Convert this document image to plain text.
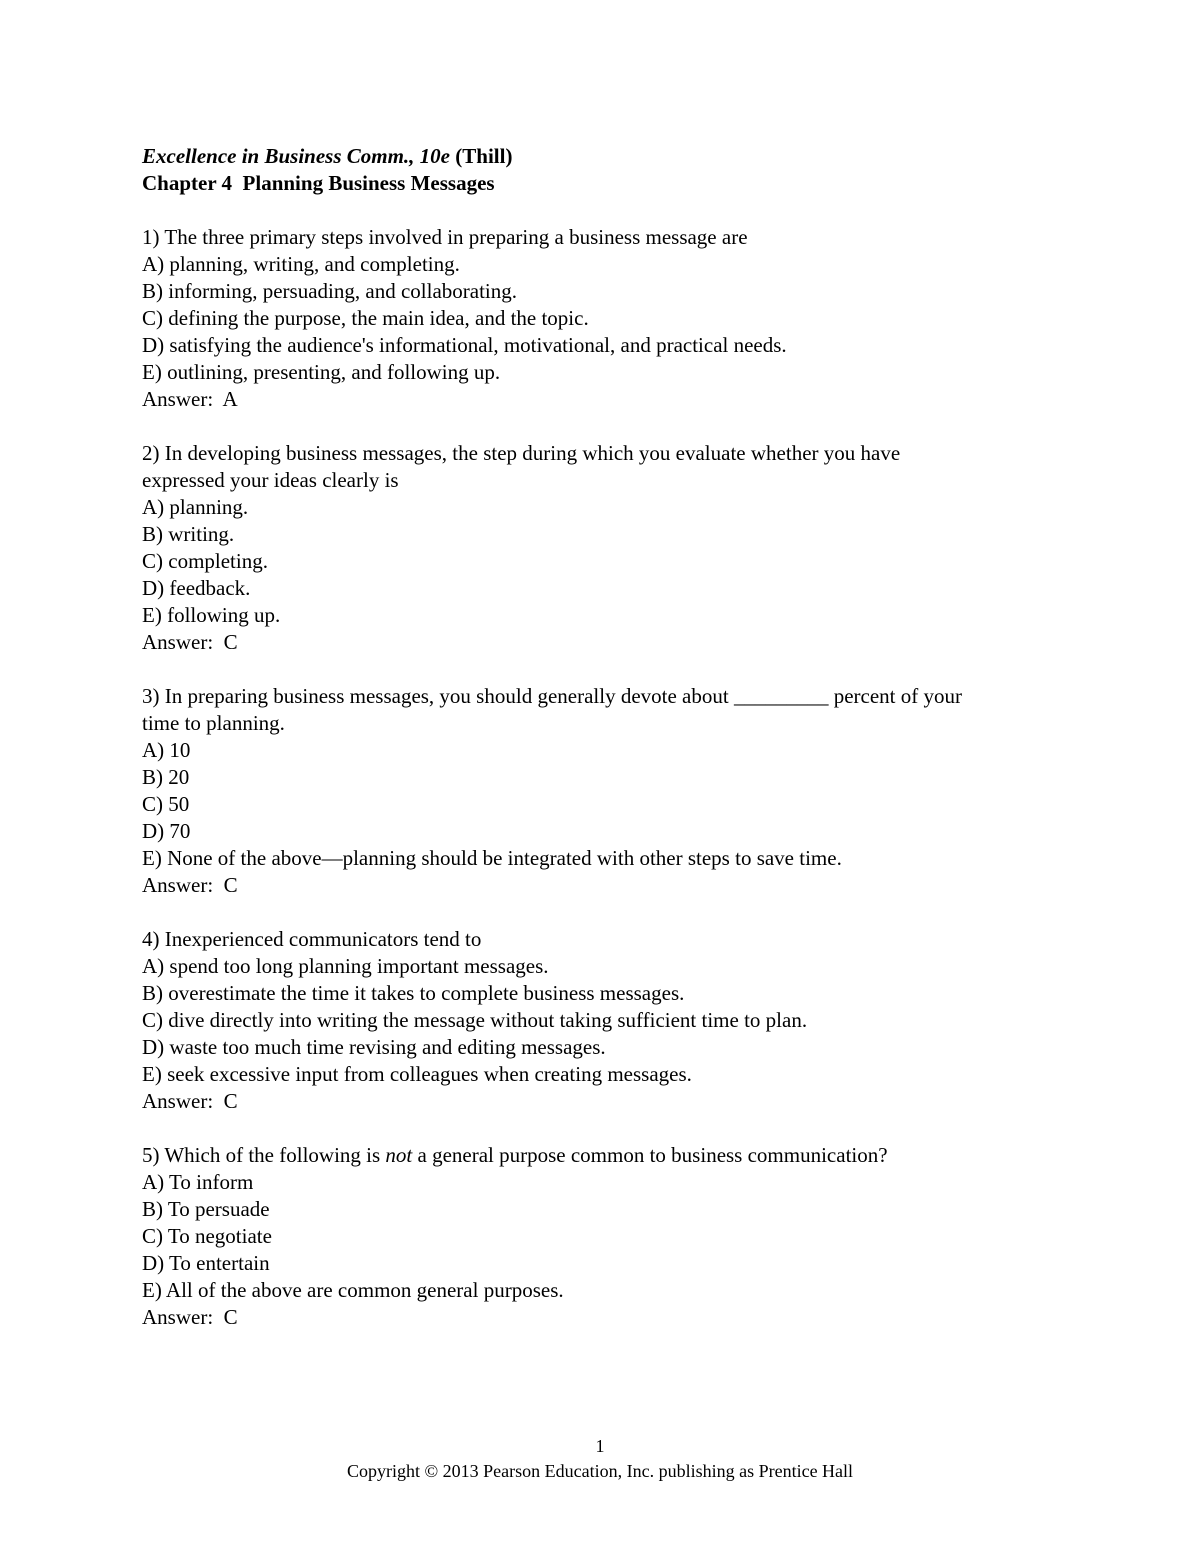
Excellence in Business Comm., 10e (Thill)
Chapter 4  Planning Business Messages
1) The three primary steps involved in preparing a business message are
A) planning, writing, and completing.
B) informing, persuading, and collaborating.
C) defining the purpose, the main idea, and the topic.
D) satisfying the audience's informational, motivational, and practical needs.
E) outlining, presenting, and following up.
Answer:  A
2) In developing business messages, the step during which you evaluate whether you have
expressed your ideas clearly is
A) planning.
B) writing.
C) completing.
D) feedback.
E) following up.
Answer:  C
3) In preparing business messages, you should generally devote about _________ percent of your
time to planning.
A) 10
B) 20
C) 50
D) 70
E) None of the above—planning should be integrated with other steps to save time.
Answer:  C
4) Inexperienced communicators tend to
A) spend too long planning important messages.
B) overestimate the time it takes to complete business messages.
C) dive directly into writing the message without taking sufficient time to plan.
D) waste too much time revising and editing messages.
E) seek excessive input from colleagues when creating messages.
Answer:  C
5) Which of the following is not a general purpose common to business communication?
A) To inform
B) To persuade
C) To negotiate
D) To entertain
E) All of the above are common general purposes.
Answer:  C
1
Copyright © 2013 Pearson Education, Inc. publishing as Prentice Hall
